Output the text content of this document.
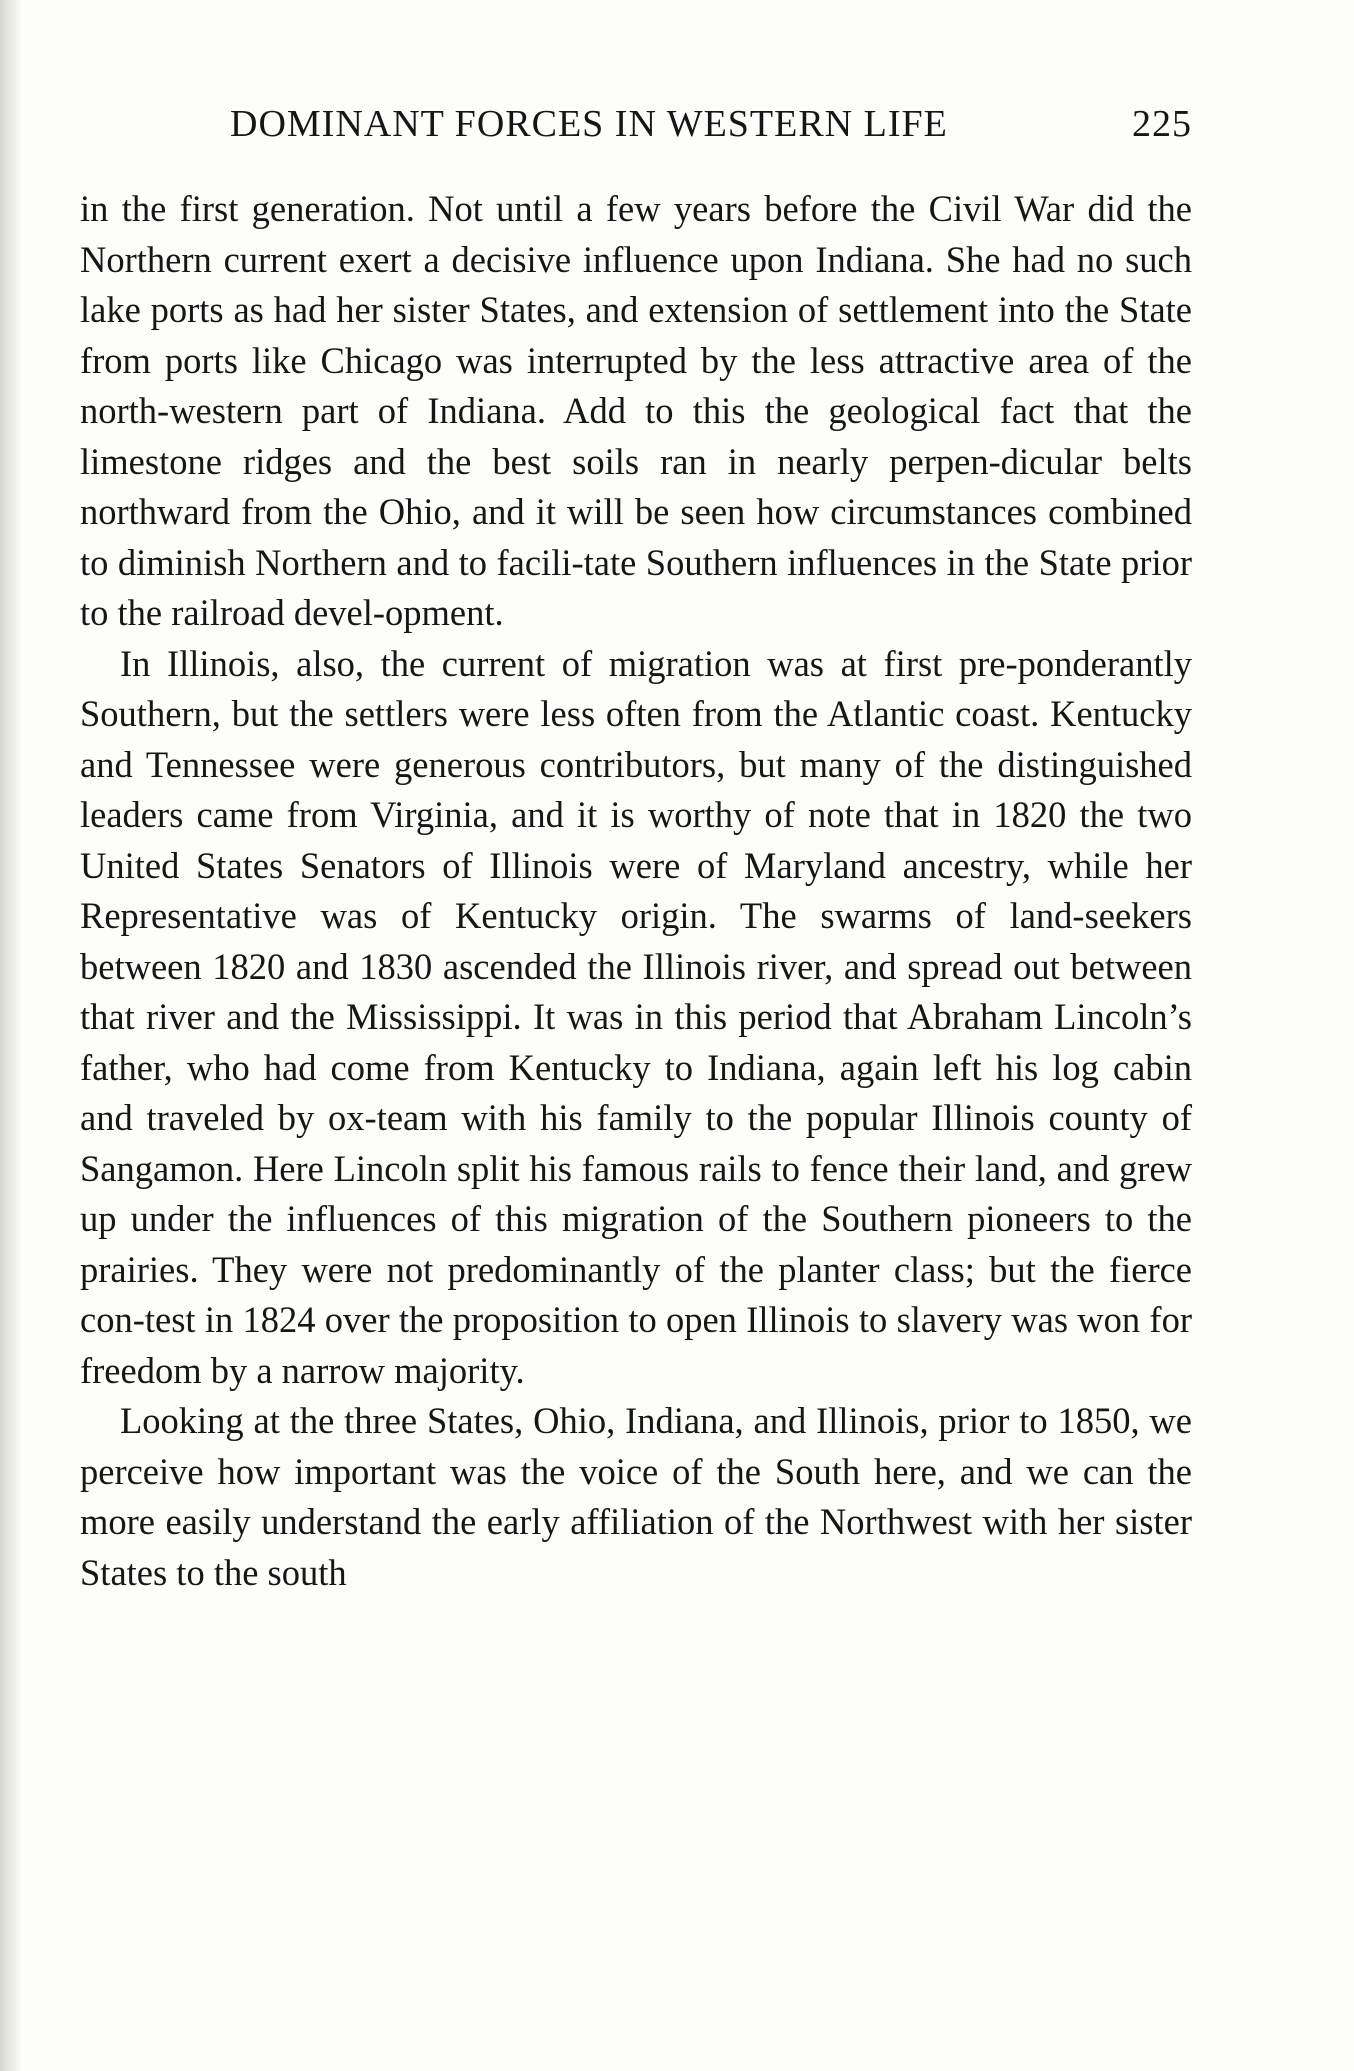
DOMINANT FORCES IN WESTERN LIFE	225

in the first generation. Not until a few years before the Civil War did the Northern current exert a decisive influence upon Indiana. She had no such lake ports as had her sister States, and extension of settlement into the State from ports like Chicago was interrupted by the less attractive area of the north-western part of Indiana. Add to this the geological fact that the limestone ridges and the best soils ran in nearly perpen-dicular belts northward from the Ohio, and it will be seen how circumstances combined to diminish Northern and to facili-tate Southern influences in the State prior to the railroad devel-opment.

In Illinois, also, the current of migration was at first pre-ponderantly Southern, but the settlers were less often from the Atlantic coast. Kentucky and Tennessee were generous contributors, but many of the distinguished leaders came from Virginia, and it is worthy of note that in 1820 the two United States Senators of Illinois were of Maryland ancestry, while her Representative was of Kentucky origin. The swarms of land-seekers between 1820 and 1830 ascended the Illinois river, and spread out between that river and the Mississippi. It was in this period that Abraham Lincoln’s father, who had come from Kentucky to Indiana, again left his log cabin and traveled by ox-team with his family to the popular Illinois county of Sangamon. Here Lincoln split his famous rails to fence their land, and grew up under the influences of this migration of the Southern pioneers to the prairies. They were not predominantly of the planter class; but the fierce con-test in 1824 over the proposition to open Illinois to slavery was won for freedom by a narrow majority.

Looking at the three States, Ohio, Indiana, and Illinois, prior to 1850, we perceive how important was the voice of the South here, and we can the more easily understand the early affiliation of the Northwest with her sister States to the south
